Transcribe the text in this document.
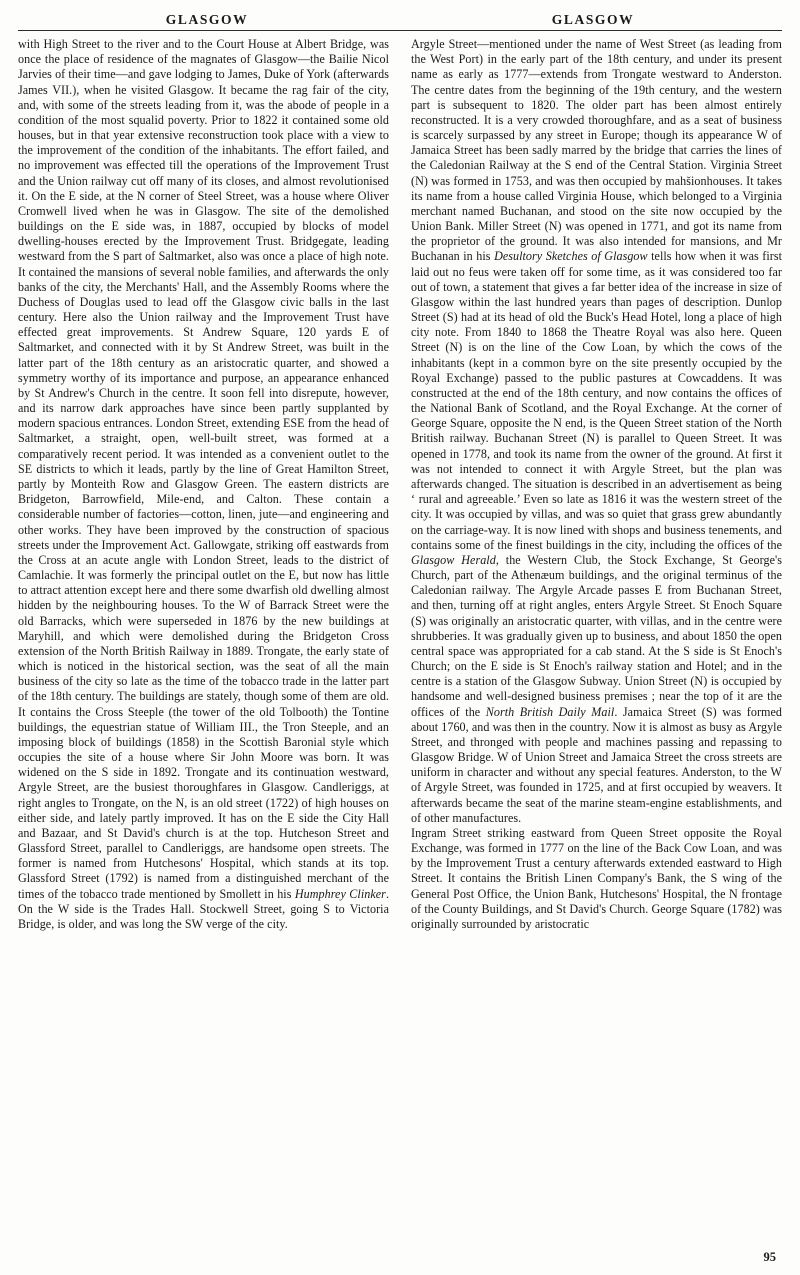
GLASGOW	GLASGOW

with High Street to the river and to the Court House at Albert Bridge, was once the place of residence of the magnates of Glasgow—the Bailie Nicol Jarvies of their time—and gave lodging to James, Duke of York (afterwards James VII.), when he visited Glasgow. It became the rag fair of the city, and, with some of the streets leading from it, was the abode of people in a condition of the most squalid poverty. Prior to 1822 it contained some old houses, but in that year extensive reconstruction took place with a view to the improvement of the condition of the inhabitants. The effort failed, and no improvement was effected till the operations of the Improvement Trust and the Union railway cut off many of its closes, and almost revolutionised it. On the E side, at the N corner of Steel Street, was a house where Oliver Cromwell lived when he was in Glasgow. The site of the demolished buildings on the E side was, in 1887, occupied by blocks of model dwelling-houses erected by the Improvement Trust. Bridgegate, leading westward from the S part of Saltmarket, also was once a place of high note. It contained the mansions of several noble families, and afterwards the only banks of the city, the Merchants' Hall, and the Assembly Rooms where the Duchess of Douglas used to lead off the Glasgow civic balls in the last century. Here also the Union railway and the Improvement Trust have effected great improvements. St Andrew Square, 120 yards E of Saltmarket, and connected with it by St Andrew Street, was built in the latter part of the 18th century as an aristocratic quarter, and showed a symmetry worthy of its importance and purpose, an appearance enhanced by St Andrew's Church in the centre. It soon fell into disrepute, however, and its narrow dark approaches have since been partly supplanted by modern spacious entrances. London Street, extending ESE from the head of Saltmarket, a straight, open, well-built street, was formed at a comparatively recent period. It was intended as a convenient outlet to the SE districts to which it leads, partly by the line of Great Hamilton Street, partly by Monteith Row and Glasgow Green. The eastern districts are Bridgeton, Barrowfield, Mile-end, and Calton. These contain a considerable number of factories—cotton, linen, jute—and engineering and other works. They have been improved by the construction of spacious streets under the Improvement Act. Gallowgate, striking off eastwards from the Cross at an acute angle with London Street, leads to the district of Camlachie. It was formerly the principal outlet on the E, but now has little to attract attention except here and there some dwarfish old dwelling almost hidden by the neighbouring houses. To the W of Barrack Street were the old Barracks, which were superseded in 1876 by the new buildings at Maryhill, and which were demolished during the Bridgeton Cross extension of the North British Railway in 1889. Trongate, the early state of which is noticed in the historical section, was the seat of all the main business of the city so late as the time of the tobacco trade in the latter part of the 18th century. The buildings are stately, though some of them are old. It contains the Cross Steeple (the tower of the old Tolbooth) the Tontine buildings, the equestrian statue of William III., the Tron Steeple, and an imposing block of buildings (1858) in the Scottish Baronial style which occupies the site of a house where Sir John Moore was born. It was widened on the S side in 1892. Trongate and its continuation westward, Argyle Street, are the busiest thoroughfares in Glasgow. Candleriggs, at right angles to Trongate, on the N, is an old street (1722) of high houses on either side, and lately partly improved. It has on the E side the City Hall and Bazaar, and St David's church is at the top. Hutcheson Street and Glassford Street, parallel to Candleriggs, are handsome open streets. The former is named from Hutchesons' Hospital, which stands at its top. Glassford Street (1792) is named from a distinguished merchant of the times of the tobacco trade mentioned by Smollett in his Humphrey Clinker. On the W side is the Trades Hall. Stockwell Street, going S to Victoria Bridge, is older, and was long the SW verge of the city.

Argyle Street—mentioned under the name of West Street (as leading from the West Port) in the early part of the 18th century, and under its present name as early as 1777—extends from Trongate westward to Anderston. The centre dates from the beginning of the 19th century, and the western part is subsequent to 1820. The older part has been almost entirely reconstructed. It is a very crowded thoroughfare, and as a seat of business is scarcely surpassed by any street in Europe; though its appearance W of Jamaica Street has been sadly marred by the bridge that carries the lines of the Caledonian Railway at the S end of the Central Station. Virginia Street (N) was formed in 1753, and was then occupied by mahšionhouses. It takes its name from a house called Virginia House, which belonged to a Virginia merchant named Buchanan, and stood on the site now occupied by the Union Bank. Miller Street (N) was opened in 1771, and got its name from the proprietor of the ground. It was also intended for mansions, and Mr Buchanan in his Desultory Sketches of Glasgow tells how when it was first laid out no feus were taken off for some time, as it was considered too far out of town, a statement that gives a far better idea of the increase in size of Glasgow within the last hundred years than pages of description. Dunlop Street (S) had at its head of old the Buck's Head Hotel, long a place of high city note. From 1840 to 1868 the Theatre Royal was also here. Queen Street (N) is on the line of the Cow Loan, by which the cows of the inhabitants (kept in a common byre on the site presently occupied by the Royal Exchange) passed to the public pastures at Cowcaddens. It was constructed at the end of the 18th century, and now contains the offices of the National Bank of Scotland, and the Royal Exchange. At the corner of George Square, opposite the N end, is the Queen Street station of the North British railway. Buchanan Street (N) is parallel to Queen Street. It was opened in 1778, and took its name from the owner of the ground. At first it was not intended to connect it with Argyle Street, but the plan was afterwards changed. The situation is described in an advertisement as being ‘ rural and agreeable.’ Even so late as 1816 it was the western street of the city. It was occupied by villas, and was so quiet that grass grew abundantly on the carriage-way. It is now lined with shops and business tenements, and contains some of the finest buildings in the city, including the offices of the Glasgow Herald, the Western Club, the Stock Exchange, St George's Church, part of the Athenæum buildings, and the original terminus of the Caledonian railway. The Argyle Arcade passes E from Buchanan Street, and then, turning off at right angles, enters Argyle Street. St Enoch Square (S) was originally an aristocratic quarter, with villas, and in the centre were shrubberies. It was gradually given up to business, and about 1850 the open central space was appropriated for a cab stand. At the S side is St Enoch's Church; on the E side is St Enoch's railway station and Hotel; and in the centre is a station of the Glasgow Subway. Union Street (N) is occupied by handsome and well-designed business premises ; near the top of it are the offices of the North British Daily Mail. Jamaica Street (S) was formed about 1760, and was then in the country. Now it is almost as busy as Argyle Street, and thronged with people and machines passing and repassing to Glasgow Bridge. W of Union Street and Jamaica Street the cross streets are uniform in character and without any special features. Anderston, to the W of Argyle Street, was founded in 1725, and at first occupied by weavers. It afterwards became the seat of the marine steam-engine establishments, and of other manufactures.

Ingram Street striking eastward from Queen Street opposite the Royal Exchange, was formed in 1777 on the line of the Back Cow Loan, and was by the Improvement Trust a century afterwards extended eastward to High Street. It contains the British Linen Company's Bank, the S wing of the General Post Office, the Union Bank, Hutchesons' Hospital, the N frontage of the County Buildings, and St David's Church. George Square (1782) was originally surrounded by aristocratic

95
